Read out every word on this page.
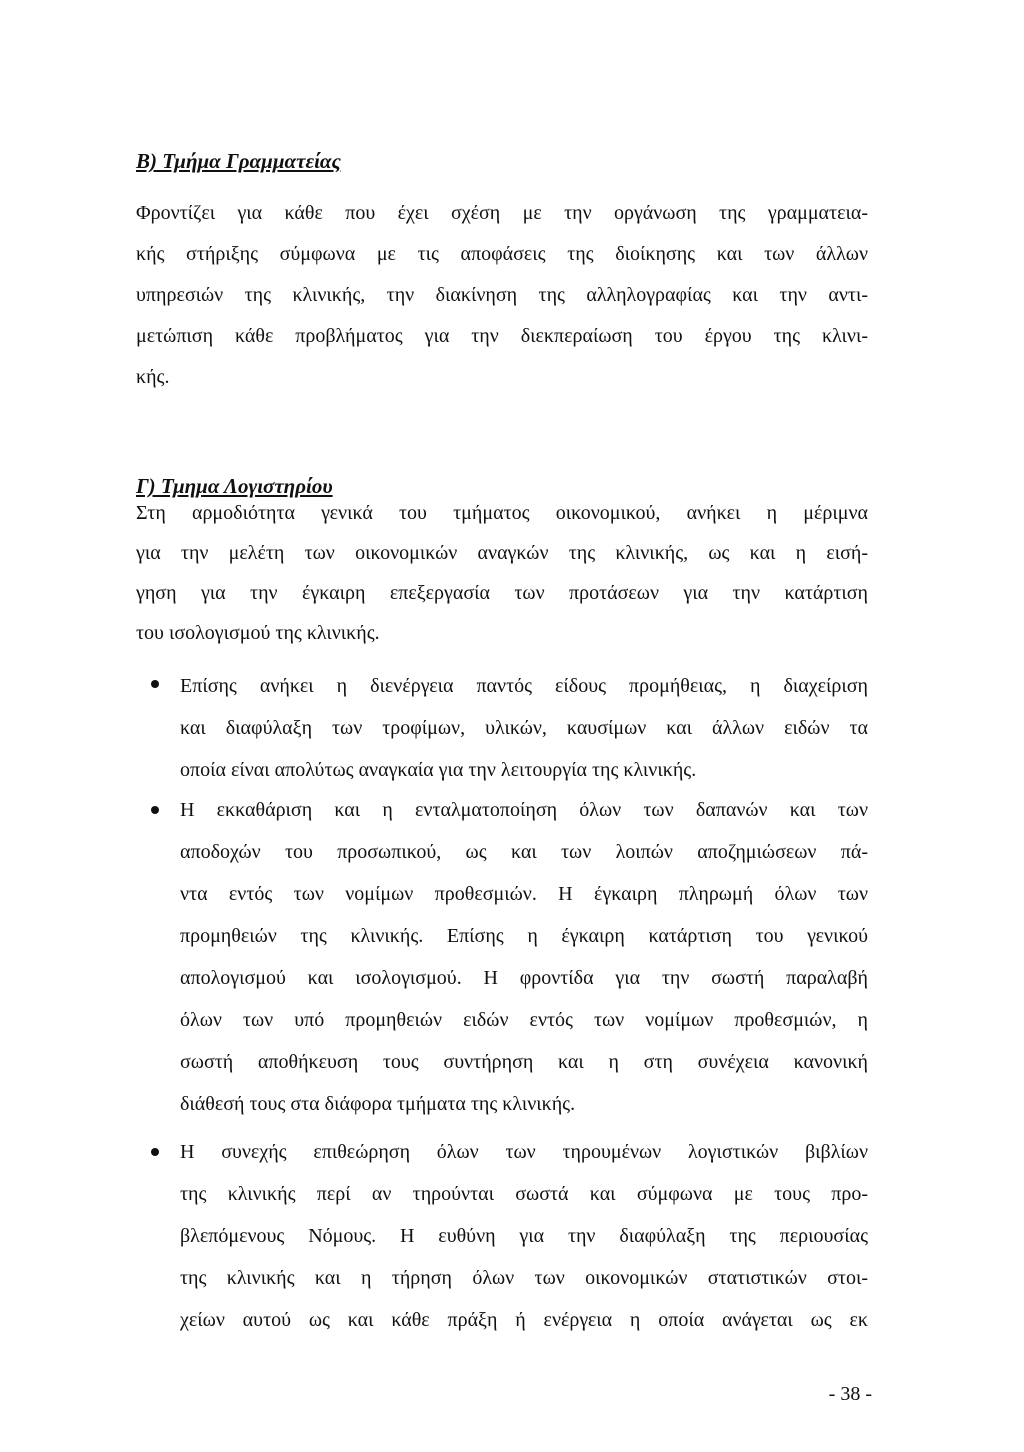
B) Τμήμα Γραμματείας

Φροντίζει για κάθε που έχει σχέση με την οργάνωση της γραμματεια-
κής στήριξης σύμφωνα με τις αποφάσεις της διοίκησης και των άλλων
υπηρεσιών της κλινικής, την διακίνηση της αλληλογραφίας και την αντι-
μετώπιση κάθε προβλήματος για την διεκπεραίωση του έργου της κλινι-
κής.

Γ) Τμημα Λογιστηρίου

Στη αρμοδιότητα γενικά του τμήματος οικονομικού, ανήκει η μέριμνα
για την μελέτη των οικονομικών αναγκών της κλινικής, ως και η εισή-
γηση για την έγκαιρη επεξεργασία των προτάσεων για την κατάρτιση
του ισολογισμού της κλινικής.
Επίσης ανήκει η διενέργεια παντός είδους προμήθειας, η διαχείριση
και διαφύλαξη των τροφίμων, υλικών, καυσίμων και άλλων ειδών τα
οποία είναι απολύτως αναγκαία για την λειτουργία της κλινικής.
Η εκκαθάριση και η ενταλματοποίηση όλων των δαπανών και των
αποδοχών του προσωπικού, ως και των λοιπών αποζημιώσεων πά-
ντα εντός των νομίμων προθεσμιών. Η έγκαιρη πληρωμή όλων των
προμηθειών της κλινικής. Επίσης η έγκαιρη κατάρτιση του γενικού
απολογισμού και ισολογισμού. Η φροντίδα για την σωστή παραλαβή
όλων των υπό προμηθειών ειδών εντός των νομίμων προθεσμιών, η
σωστή αποθήκευση τους συντήρηση και η στη συνέχεια κανονική
διάθεσή τους στα διάφορα τμήματα της κλινικής.
Η συνεχής επιθεώρηση όλων των τηρουμένων λογιστικών βιβλίων
της κλινικής περί αν τηρούνται σωστά και σύμφωνα με τους προ-
βλεπόμενους Νόμους. Η ευθύνη για την διαφύλαξη της περιουσίας
της κλινικής και η τήρηση όλων των οικονομικών στατιστικών στοι-
χείων αυτού ως και κάθε πράξη ή ενέργεια η οποία ανάγεται ως εκ
- 38 -
